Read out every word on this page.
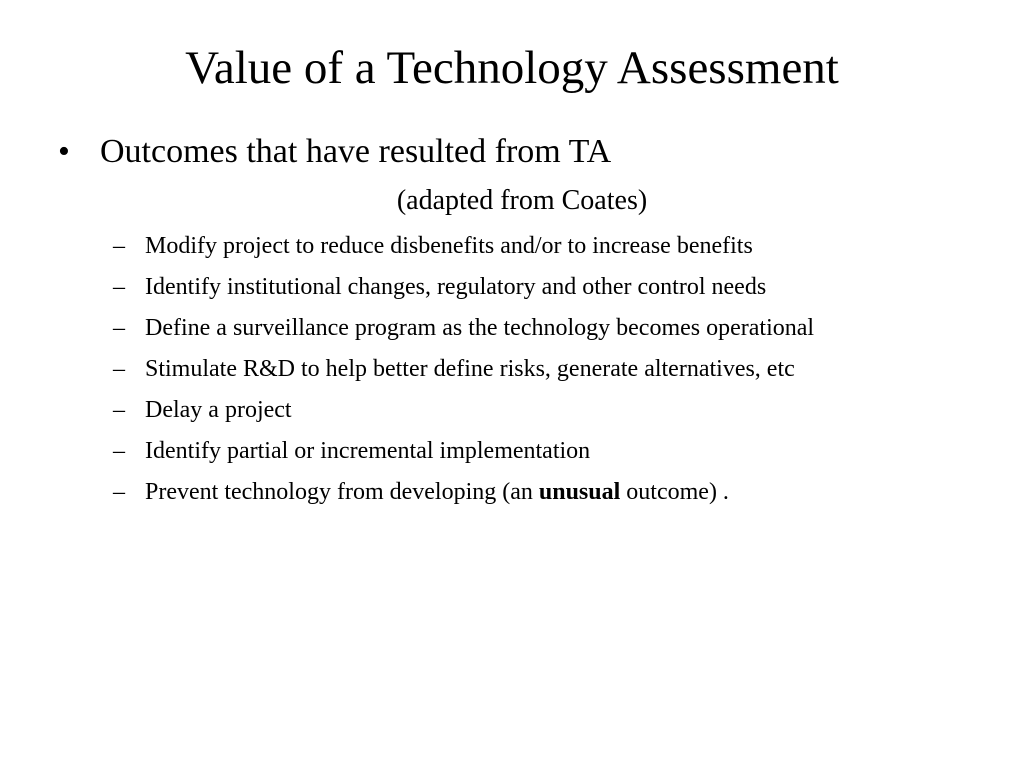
Value of a Technology Assessment
• Outcomes that have resulted from TA
(adapted from Coates)
– Modify project to reduce disbenefits and/or to increase benefits
– Identify institutional changes, regulatory and other control needs
– Define a surveillance program as the technology becomes operational
– Stimulate R&D to help better define risks, generate alternatives, etc
– Delay a project
– Identify partial or incremental implementation
– Prevent technology from developing (an unusual outcome) .
